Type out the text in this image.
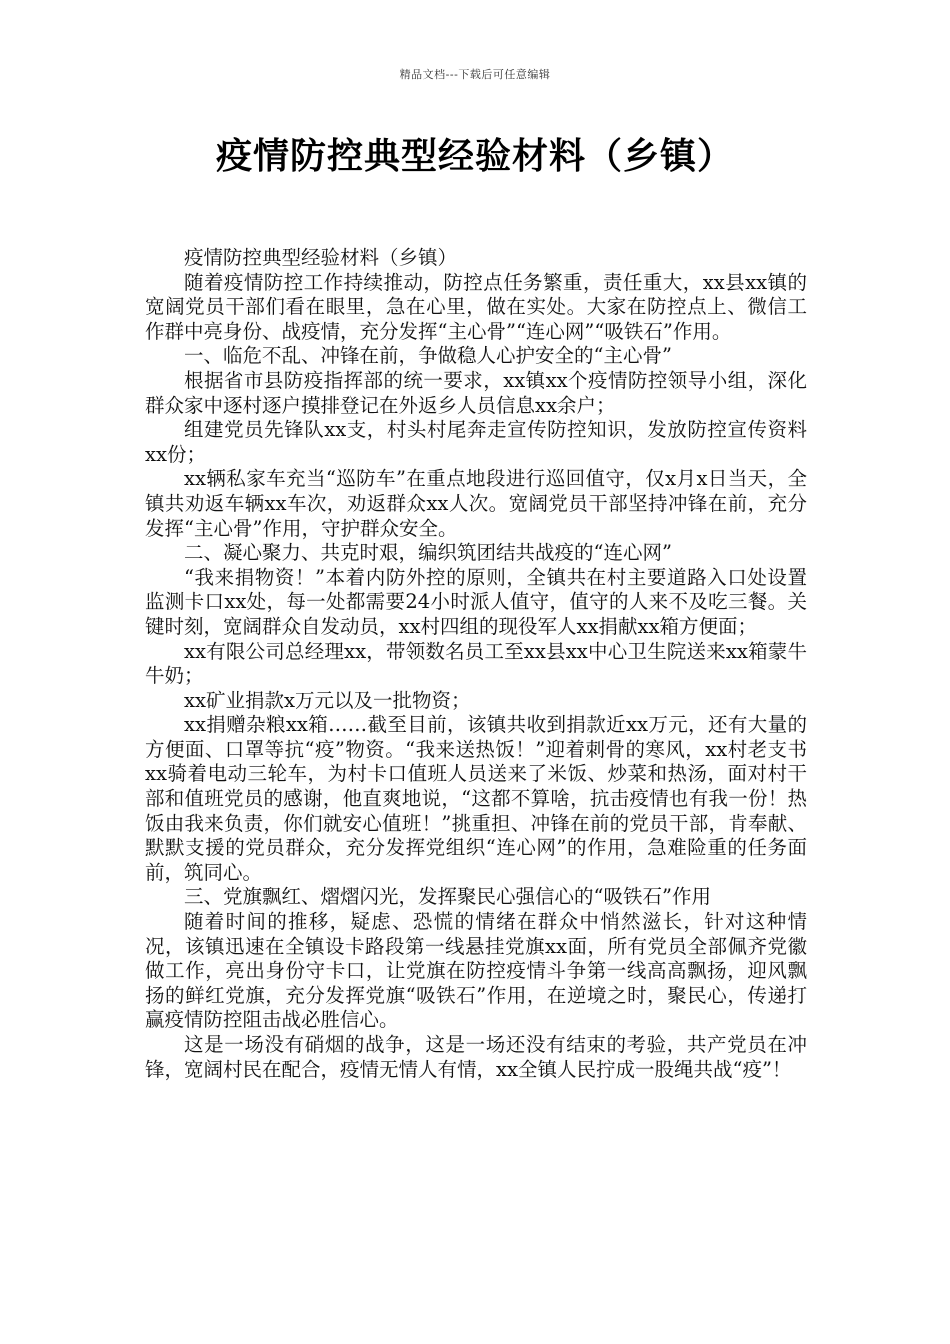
精品文档---下载后可任意编辑
疫情防控典型经验材料（乡镇）

疫情防控典型经验材料（乡镇）

随着疫情防控工作持续推动，防控点任务繁重，责任重大，xx县xx镇的宽阔党员干部们看在眼里，急在心里，做在实处。大家在防控点上、微信工作群中亮身份、战疫情，充分发挥“主心骨”“连心网”“吸铁石”作用。

一、临危不乱、冲锋在前，争做稳人心护安全的“主心骨”

根据省市县防疫指挥部的统一要求，xx镇xx个疫情防控领导小组，深化群众家中逐村逐户摸排登记在外返乡人员信息xx余户；

组建党员先锋队xx支，村头村尾奔走宣传防控知识，发放防控宣传资料xx份；

xx辆私家车充当“巡防车”在重点地段进行巡回值守，仅x月x日当天，全镇共劝返车辆xx车次，劝返群众xx人次。宽阔党员干部坚持冲锋在前，充分发挥“主心骨”作用，守护群众安全。

二、凝心聚力、共克时艰，编织筑团结共战疫的“连心网”

“我来捐物资！”本着内防外控的原则，全镇共在村主要道路入口处设置监测卡口xx处，每一处都需要24小时派人值守，值守的人来不及吃三餐。关键时刻，宽阔群众自发动员，xx村四组的现役军人xx捐献xx箱方便面；

xx有限公司总经理xx，带领数名员工至xx县xx中心卫生院送来xx箱蒙牛牛奶；

xx矿业捐款x万元以及一批物资；

xx捐赠杂粮xx箱……截至目前，该镇共收到捐款近xx万元，还有大量的方便面、口罩等抗“疫”物资。“我来送热饭！”迎着刺骨的寒风，xx村老支书xx骑着电动三轮车，为村卡口值班人员送来了米饭、炒菜和热汤，面对村干部和值班党员的感谢，他直爽地说，“这都不算啥，抗击疫情也有我一份！热饭由我来负责，你们就安心值班！”挑重担、冲锋在前的党员干部，肯奉献、默默支援的党员群众，充分发挥党组织“连心网”的作用，急难险重的任务面前，筑同心。

三、党旗飘红、熠熠闪光，发挥聚民心强信心的“吸铁石”作用

随着时间的推移，疑虑、恐慌的情绪在群众中悄然滋长，针对这种情况，该镇迅速在全镇设卡路段第一线悬挂党旗xx面，所有党员全部佩齐党徽做工作，亮出身份守卡口，让党旗在防控疫情斗争第一线高高飘扬，迎风飘扬的鲜红党旗，充分发挥党旗“吸铁石”作用，在逆境之时，聚民心，传递打赢疫情防控阻击战必胜信心。

这是一场没有硝烟的战争，这是一场还没有结束的考验，共产党员在冲锋，宽阔村民在配合，疫情无情人有情，xx全镇人民拧成一股绳共战“疫”！
